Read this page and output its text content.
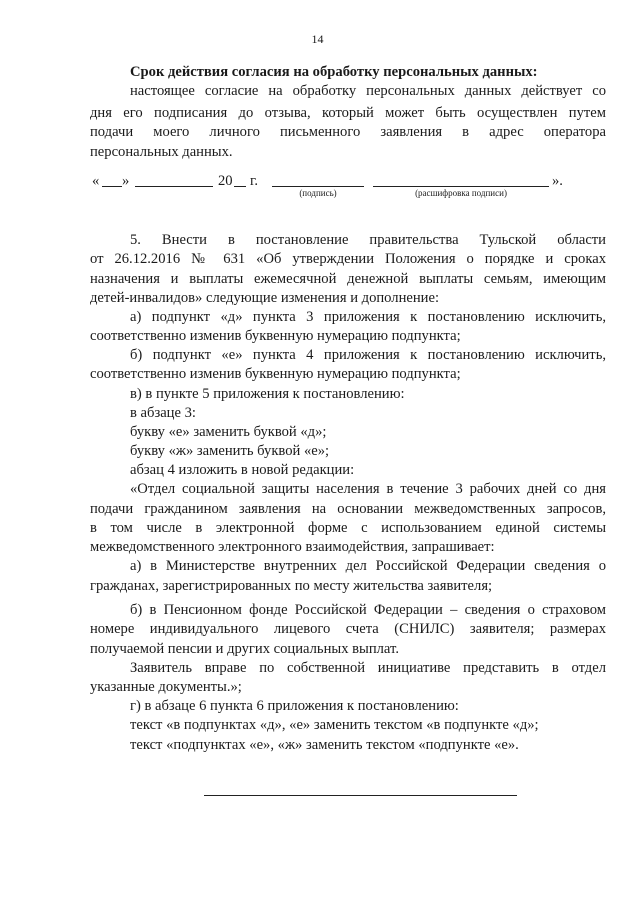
14
Срок действия согласия на обработку персональных данных:
настоящее согласие на обработку персональных данных действует со
дня его подписания до отзыва, который может быть осуществлен путем
подачи моего личного письменного заявления в адрес оператора
персональных данных.
« »	20 г.	».
(подпись)	(расшифровка подписи)
5. Внести в постановление правительства Тульской области
от 26.12.2016 № 631 «Об утверждении Положения о порядке и сроках
назначения и выплаты ежемесячной денежной выплаты семьям, имеющим
детей-инвалидов» следующие изменения и дополнение:
а) подпункт «д» пункта 3 приложения к постановлению исключить,
соответственно изменив буквенную нумерацию подпункта;
б) подпункт «е» пункта 4 приложения к постановлению исключить,
соответственно изменив буквенную нумерацию подпункта;
в) в пункте 5 приложения к постановлению:
в абзаце 3:
букву «е» заменить буквой «д»;
букву «ж» заменить буквой «е»;
абзац 4 изложить в новой редакции:
«Отдел социальной защиты населения в течение 3 рабочих дней со дня
подачи гражданином заявления на основании межведомственных запросов,
в том числе в электронной форме с использованием единой системы
межведомственного электронного взаимодействия, запрашивает:
а) в Министерстве внутренних дел Российской Федерации сведения о
гражданах, зарегистрированных по месту жительства заявителя;
б) в Пенсионном фонде Российской Федерации – сведения о страховом
номере индивидуального лицевого счета (СНИЛС) заявителя; размерах
получаемой пенсии и других социальных выплат.
Заявитель вправе по собственной инициативе представить в отдел
указанные документы.»;
г) в абзаце 6 пункта 6 приложения к постановлению:
текст «в подпунктах «д», «е» заменить текстом «в подпункте «д»;
текст «подпунктах «е», «ж» заменить текстом «подпункте «е».
